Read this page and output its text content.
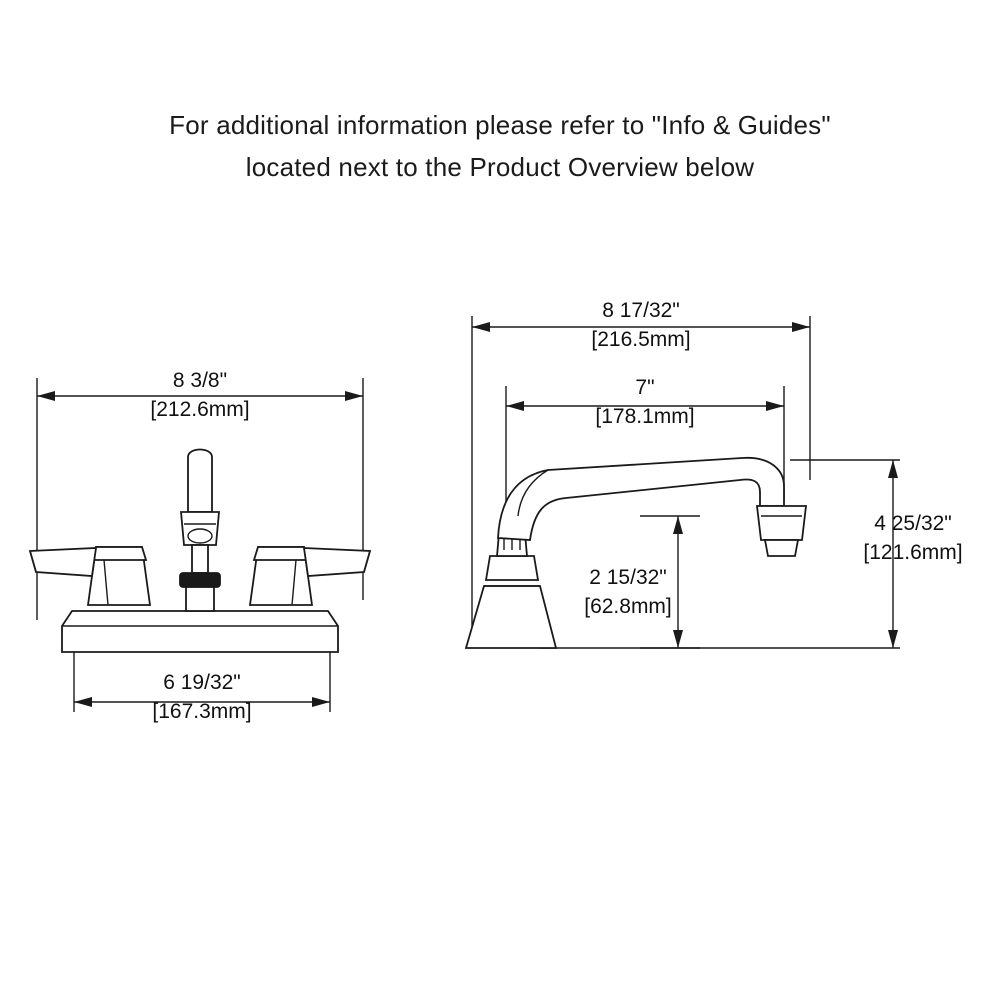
For additional information please refer to "Info & Guides"
located next to the Product Overview below
8 3/8"
[212.6mm]
6 19/32"
[167.3mm]
8 17/32"
[216.5mm]
7"
[178.1mm]
4 25/32"
[121.6mm]
2 15/32"
[62.8mm]
